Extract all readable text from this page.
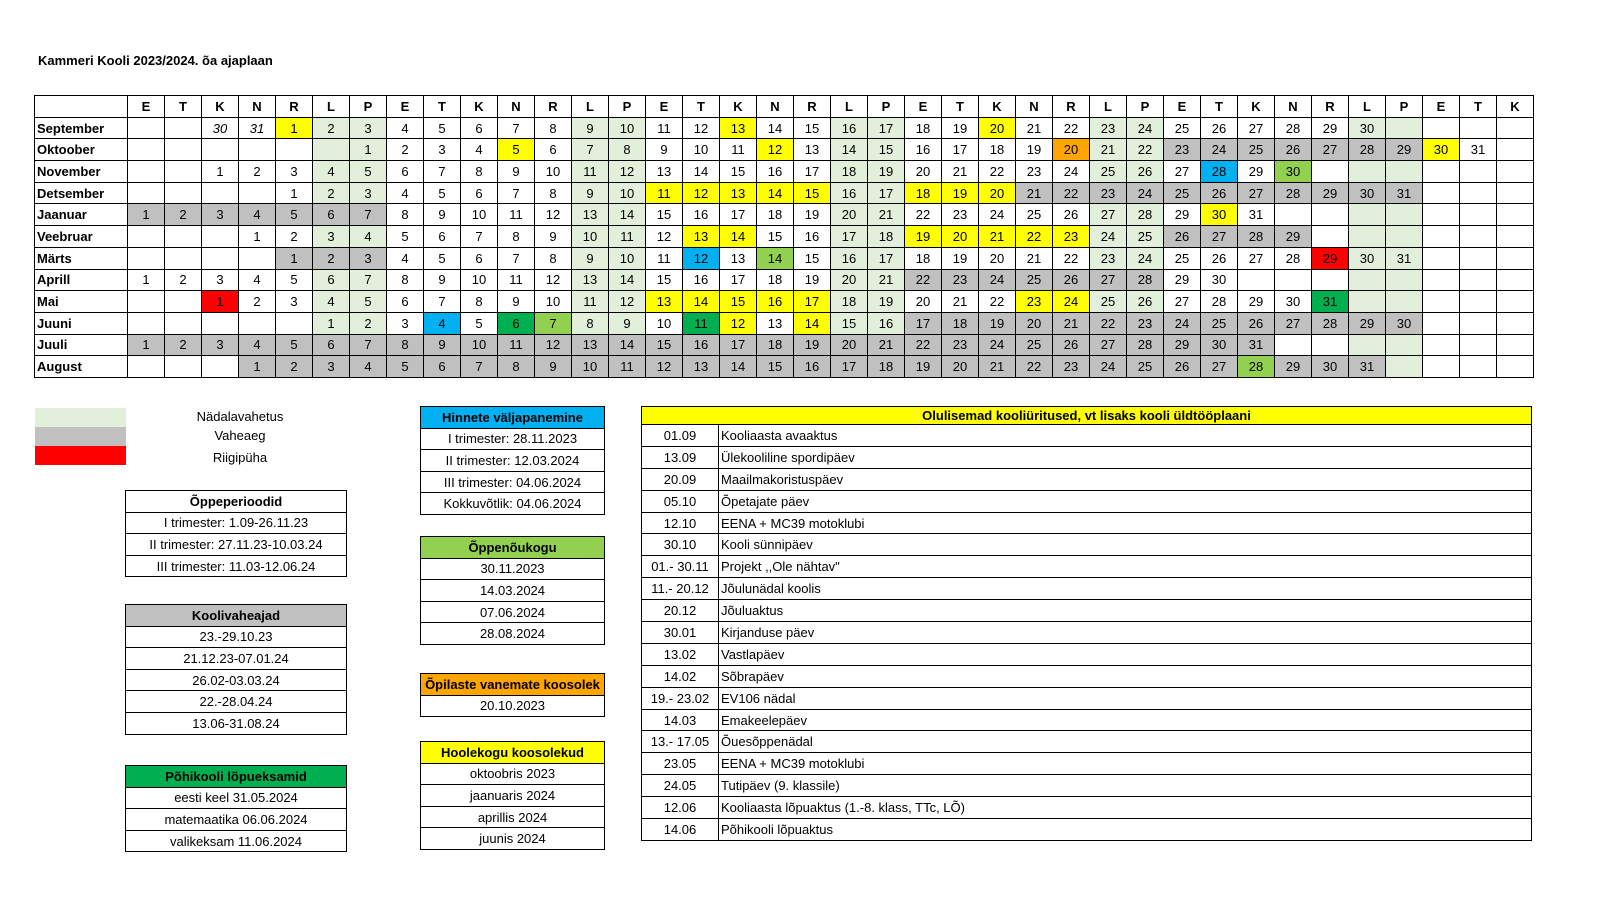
Kammeri Kooli 2023/2024. õa ajaplaan
	E	T	K	N	R	L	P	E	T	K	N	R	L	P	E	T	K	N	R	L	P	E	T	K	N	R	L	P	E	T	K	N	R	L	P	E	T	K
September			30	31	1	2	3	4	5	6	7	8	9	10	11	12	13	14	15	16	17	18	19	20	21	22	23	24	25	26	27	28	29	30				
Oktoober							1	2	3	4	5	6	7	8	9	10	11	12	13	14	15	16	17	18	19	20	21	22	23	24	25	26	27	28	29	30	31	
November			1	2	3	4	5	6	7	8	9	10	11	12	13	14	15	16	17	18	19	20	21	22	23	24	25	26	27	28	29	30						
Detsember					1	2	3	4	5	6	7	8	9	10	11	12	13	14	15	16	17	18	19	20	21	22	23	24	25	26	27	28	29	30	31			
Jaanuar	1	2	3	4	5	6	7	8	9	10	11	12	13	14	15	16	17	18	19	20	21	22	23	24	25	26	27	28	29	30	31							
Veebruar				1	2	3	4	5	6	7	8	9	10	11	12	13	14	15	16	17	18	19	20	21	22	23	24	25	26	27	28	29						
Märts					1	2	3	4	5	6	7	8	9	10	11	12	13	14	15	16	17	18	19	20	21	22	23	24	25	26	27	28	29	30	31			
Aprill	1	2	3	4	5	6	7	8	9	10	11	12	13	14	15	16	17	18	19	20	21	22	23	24	25	26	27	28	29	30								
Mai			1	2	3	4	5	6	7	8	9	10	11	12	13	14	15	16	17	18	19	20	21	22	23	24	25	26	27	28	29	30	31					
Juuni						1	2	3	4	5	6	7	8	9	10	11	12	13	14	15	16	17	18	19	20	21	22	23	24	25	26	27	28	29	30			
Juuli	1	2	3	4	5	6	7	8	9	10	11	12	13	14	15	16	17	18	19	20	21	22	23	24	25	26	27	28	29	30	31							
August				1	2	3	4	5	6	7	8	9	10	11	12	13	14	15	16	17	18	19	20	21	22	23	24	25	26	27	28	29	30	31				
Nädalavahetus
Vaheaeg
Riigipüha
Õppeperioodid
I trimester: 1.09-26.11.23
II trimester: 27.11.23-10.03.24
III trimester: 11.03-12.06.24
Koolivaheajad
23.-29.10.23
21.12.23-07.01.24
26.02-03.03.24
22.-28.04.24
13.06-31.08.24
Põhikooli lõpueksamid
eesti keel 31.05.2024
matemaatika 06.06.2024
valikeksam 11.06.2024
Hinnete väljapanemine
I trimester: 28.11.2023
II trimester: 12.03.2024
III trimester: 04.06.2024
Kokkuvõtlik: 04.06.2024
Õppenõukogu
30.11.2023
14.03.2024
07.06.2024
28.08.2024
Õpilaste vanemate koosolek
20.10.2023
Hoolekogu koosolekud
oktoobris 2023
jaanuaris 2024
aprillis 2024
juunis 2024
Olulisemad kooliüritused, vt lisaks kooli üldtööplaani	
01.09	Kooliaasta avaaktus
13.09	Ülekooliline spordipäev
20.09	Maailmakoristuspäev
05.10	Õpetajate päev
12.10	EENA + MC39 motoklubi
30.10	Kooli sünnipäev
01.- 30.11	Projekt ,,Ole nähtav"
11.- 20.12	Jõulunädal koolis
20.12	Jõuluaktus
30.01	Kirjanduse päev
13.02	Vastlapäev
14.02	Sõbrapäev
19.- 23.02	EV106 nädal
14.03	Emakeelepäev
13.- 17.05	Õuesõppenädal
23.05	EENA + MC39 motoklubi
24.05	Tutipäev (9. klassile)
12.06	Kooliaasta lõpuaktus (1.-8. klass, TTc, LÕ)
14.06	Põhikooli lõpuaktus
